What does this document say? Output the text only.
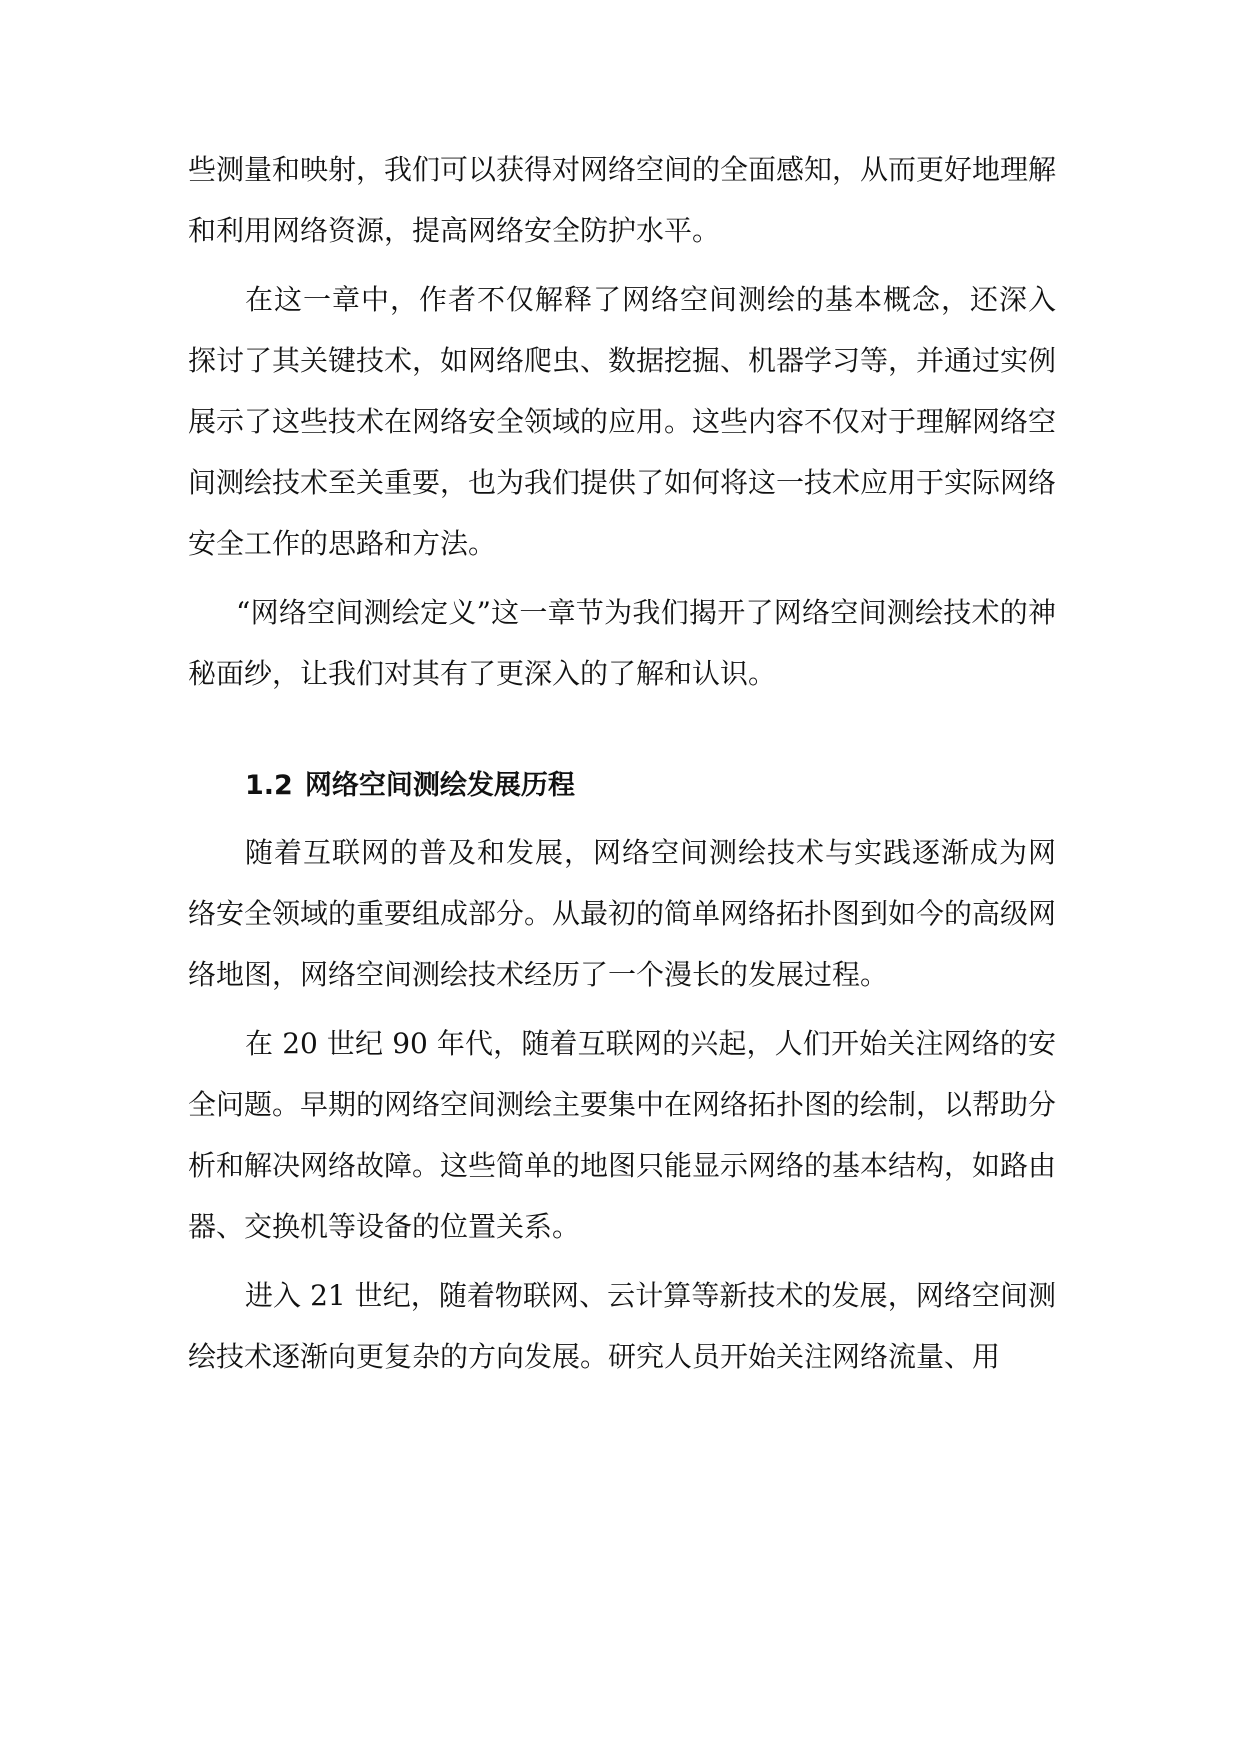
些测量和映射，我们可以获得对网络空间的全面感知，从而更好地理解和利用网络资源，提高网络安全防护水平。

在这一章中，作者不仅解释了网络空间测绘的基本概念，还深入探讨了其关键技术，如网络爬虫、数据挖掘、机器学习等，并通过实例展示了这些技术在网络安全领域的应用。这些内容不仅对于理解网络空间测绘技术至关重要，也为我们提供了如何将这一技术应用于实际网络安全工作的思路和方法。

“网络空间测绘定义”这一章节为我们揭开了网络空间测绘技术的神秘面纱，让我们对其有了更深入的了解和认识。

1.2 网络空间测绘发展历程

随着互联网的普及和发展，网络空间测绘技术与实践逐渐成为网络安全领域的重要组成部分。从最初的简单网络拓扑图到如今的高级网络地图，网络空间测绘技术经历了一个漫长的发展过程。

在 20 世纪 90 年代，随着互联网的兴起，人们开始关注网络的安全问题。早期的网络空间测绘主要集中在网络拓扑图的绘制，以帮助分析和解决网络故障。这些简单的地图只能显示网络的基本结构，如路由器、交换机等设备的位置关系。

进入 21 世纪，随着物联网、云计算等新技术的发展，网络空间测绘技术逐渐向更复杂的方向发展。研究人员开始关注网络流量、用
